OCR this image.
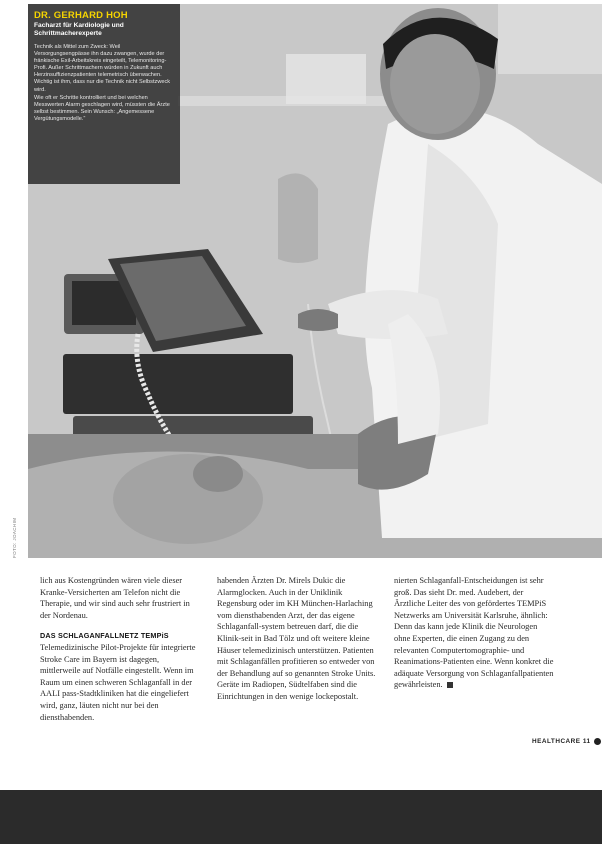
DR. GERHARD HOH
Facharzt für Kardiologie und Schrittmacherexperte
Technik als Mittel zum Zweck: Weil Versorgungsengpässe ihn dazu zwangen, wurde der fränkische Exil-Arbeitskreis eingeteilt, Telemonitoring-Profi. Außer Schrittmachern würden in Zukunft auch Herzinsuffizienzpatienten telemetrisch überwachen. Wichtig ist ihm, dass nur die Technik nicht Selbstzweck wird.
Wie oft er Schritte kontrolliert und bei welchen Messwerten Alarm geschlagen wird, müssten die Ärzte selbst bestimmen. Sein Wunsch: „Angemessene Vergütungsmodelle.“
FOTO: JOACHIM

lich aus Kostengründen wären viele dieser Kranke-Versicherten am Telefon nicht die Therapie, und wir sind auch sehr frustriert in der Nordenau.

DAS SCHLAGANFALLNETZ TEMPiS

Telemedizinische Pilot-Projekte für integrierte Stroke Care im Bayern ist dagegen, mittlerweile auf Notfälle eingestellt. Wenn im Raum um einen schweren Schlaganfall in der AALI pass-Stadtkliniken hat die eingeliefert wird, ganz, läuten nicht nur bei den diensthabenden.

habenden Ärzten Dr. Mirels Dukic die Alarmglocken. Auch in der Uniklinik Regensburg oder im KH München-Harlaching vom diensthabenden Arzt, der das eigene Schlaganfall-system betreuen darf, die die Klinik-seit in Bad Tölz und oft weitere kleine Häuser telemedizinisch unterstützen. Patienten mit Schlaganfällen profitieren so entweder von der Behandlung auf so genannten Stroke Units. Geräte im Radiopen, Südtelfaben sind die Einrichtungen in den wenige lockepostalt.

nierten Schlaganfall-Entscheidungen ist sehr groß. Das sieht Dr. med. Audebert, der Ärztliche Leiter des von gefördertes TEMPiS Netzwerks am Universität Karlsruhe, ähnlich: Denn das kann jede Klinik die Neurologen ohne Experten, die einen Zugang zu den relevanten Computertomographie- und Reanimations-Patienten eine. Wenn konkret die adäquate Versorgung von Schlaganfallpatienten gewährleisten.

HEALTHCARE 11
